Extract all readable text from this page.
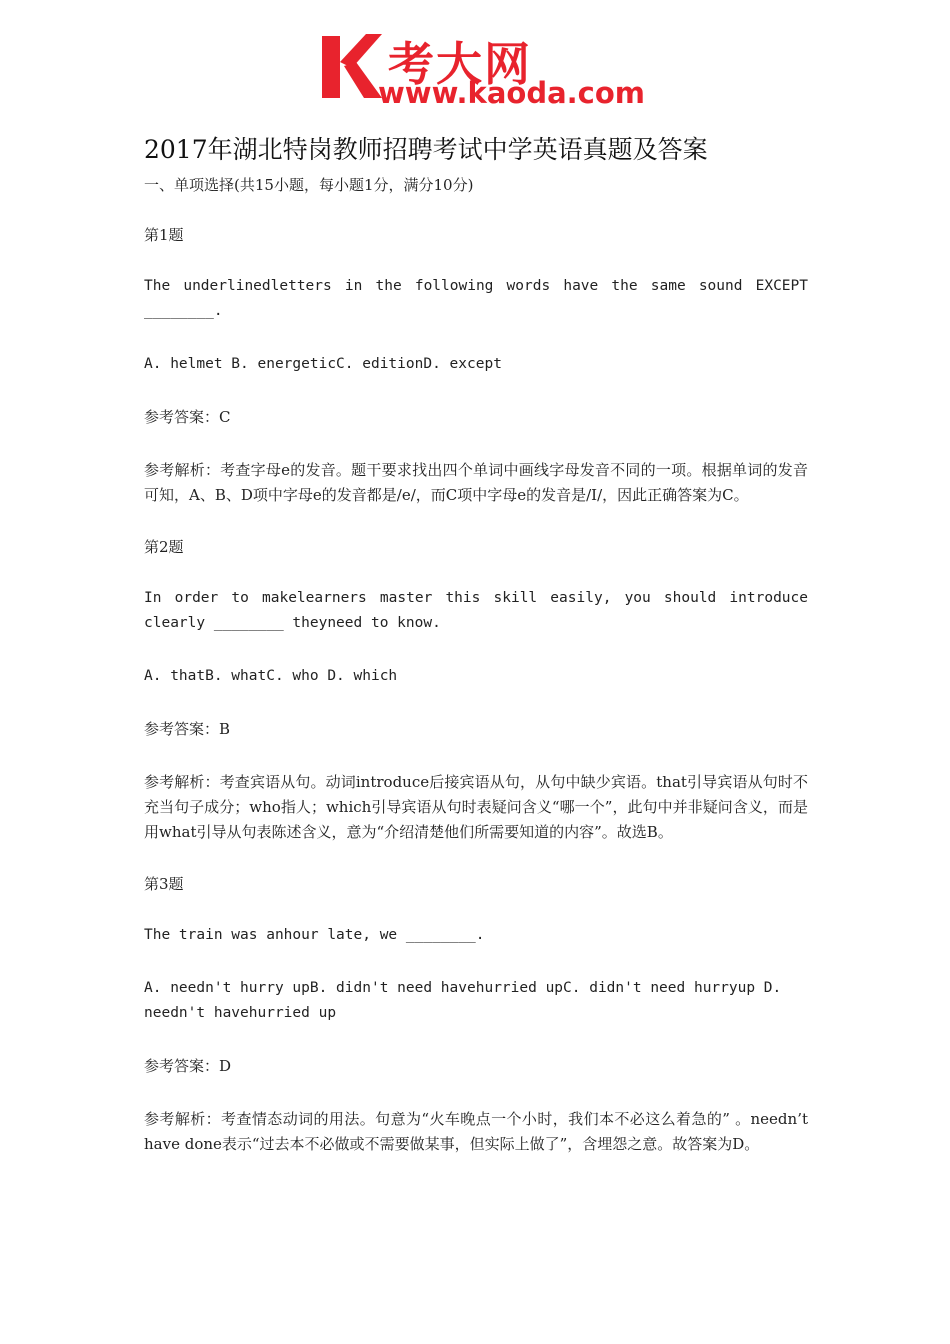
考大网
www.kaoda.com
2017年湖北特岗教师招聘考试中学英语真题及答案
一、单项选择(共15小题，每小题1分，满分10分)
第1题
The underlinedletters in the following words have the same sound EXCEPT ________.
A. helmet B. energeticC. editionD. except
参考答案：C
参考解析：考查字母e的发音。题干要求找出四个单词中画线字母发音不同的一项。根据单词的发音可知，A、B、D项中字母e的发音都是/e/，而C项中字母e的发音是/I/，因此正确答案为C。
第2题
In order to makelearners master this skill easily, you should introduce clearly ________ theyneed to know.
A. thatB. whatC. who D. which
参考答案：B
参考解析：考查宾语从句。动词introduce后接宾语从句，从句中缺少宾语。that引导宾语从句时不充当句子成分；who指人；which引导宾语从句时表疑问含义“哪一个”，此句中并非疑问含义，而是用what引导从句表陈述含义，意为“介绍清楚他们所需要知道的内容”。故选B。
第3题
The train was anhour late, we ________.
A. needn't hurry upB. didn't need havehurried upC. didn't need hurryup D. needn't havehurried up
参考答案：D
参考解析：考查情态动词的用法。句意为“火车晚点一个小时，我们本不必这么着急的” 。needn’t have done表示“过去本不必做或不需要做某事，但实际上做了”，含埋怨之意。故答案为D。
